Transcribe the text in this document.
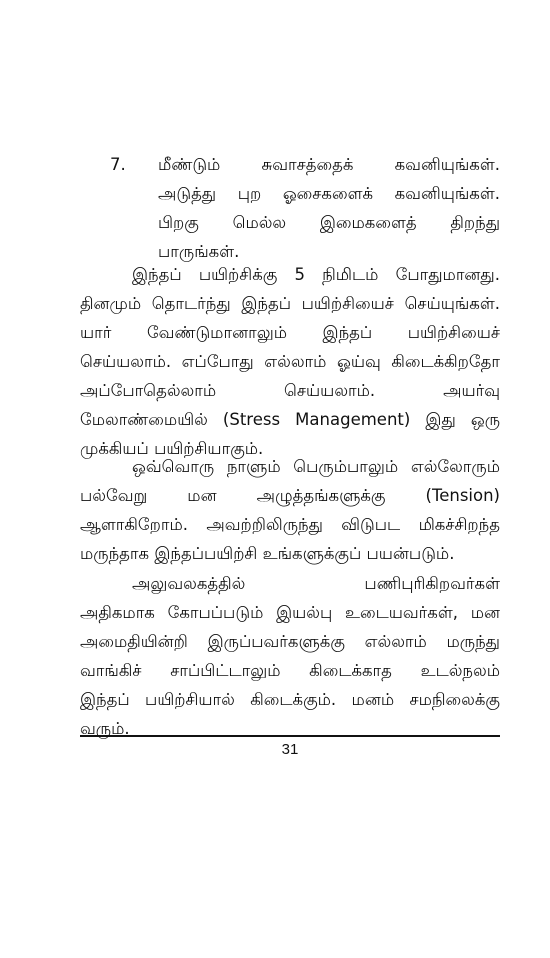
7.	மீண்டும் சுவாசத்தைக் கவனியுங்கள்.
அடுத்து புற ஓசைகளைக் கவனியுங்கள்.
பிறகு மெல்ல இமைகளைத் திறந்து
பாருங்கள்.
இந்தப் பயிற்சிக்கு 5 நிமிடம் போதுமானது.
தினமும் தொடர்ந்து இந்தப் பயிற்சியைச் செய்யுங்கள்.
யார் வேண்டுமானாலும் இந்தப் பயிற்சியைச்
செய்யலாம். எப்போது எல்லாம் ஓய்வு கிடைக்கிறதோ
அப்போதெல்லாம் செய்யலாம். அயர்வு
மேலாண்மையில் (Stress Management) இது ஒரு
முக்கியப் பயிற்சியாகும்.
ஒவ்வொரு நாளும் பெரும்பாலும் எல்லோரும்
பல்வேறு மன அழுத்தங்களுக்கு (Tension)
ஆளாகிறோம். அவற்றிலிருந்து விடுபட மிகச்சிறந்த
மருந்தாக இந்தப்பயிற்சி உங்களுக்குப் பயன்படும்.
அலுவலகத்தில் பணிபுரிகிறவர்கள்
அதிகமாக கோபப்படும் இயல்பு உடையவர்கள், மன
அமைதியின்றி இருப்பவர்களுக்கு எல்லாம் மருந்து
வாங்கிச் சாப்பிட்டாலும் கிடைக்காத உடல்நலம்
இந்தப் பயிற்சியால் கிடைக்கும். மனம் சமநிலைக்கு
வரும்.
31
